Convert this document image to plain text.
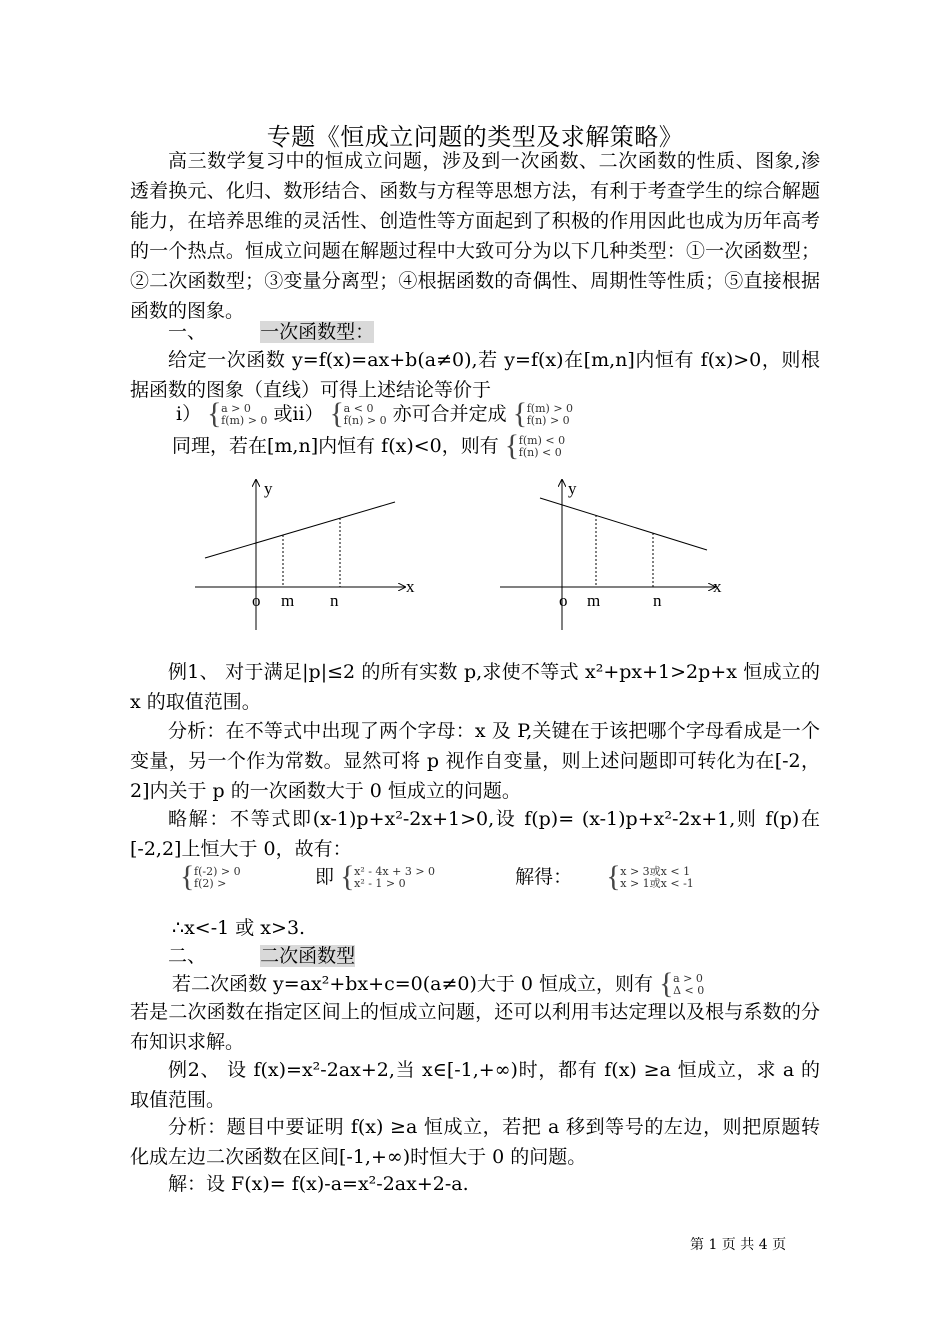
专题《恒成立问题的类型及求解策略》
高三数学复习中的恒成立问题，涉及到一次函数、二次函数的性质、图象,渗透着换元、化归、数形结合、函数与方程等思想方法，有利于考查学生的综合解题能力，在培养思维的灵活性、创造性等方面起到了积极的作用因此也成为历年高考的一个热点。恒成立问题在解题过程中大致可分为以下几种类型：①一次函数型；②二次函数型；③变量分离型；④根据函数的奇偶性、周期性等性质；⑤直接根据函数的图象。
一、	一次函数型：
给定一次函数 y=f(x)=ax+b(a≠0),若 y=f(x)在[m,n]内恒有 f(x)>0，则根据函数的图象（直线）可得上述结论等价于
ⅰ） { a > 0
f(m) > 0 或ⅱ） { a < 0
f(n) > 0 亦可合并定成 { f(m) > 0
f(n) > 0
同理，若在[m,n]内恒有 f(x)<0，则有 { f(m) < 0
f(n) < 0
y
x
o m n
y
x
o m	n
例1、 对于满足|p|≤2 的所有实数 p,求使不等式 x²+px+1>2p+x 恒成立的 x 的取值范围。
分析：在不等式中出现了两个字母：x 及 P,关键在于该把哪个字母看成是一个变量，另一个作为常数。显然可将 p 视作自变量，则上述问题即可转化为在[-2，2]内关于 p 的一次函数大于 0 恒成立的问题。
略解：不等式即(x-1)p+x²-2x+1>0,设 f(p)= (x-1)p+x²-2x+1,则 f(p)在[-2,2]上恒大于 0，故有：
{ f(-2) > 0
f(2) >	即 { x² - 4x + 3 > 0
x² - 1 > 0	解得：	{ x > 3或x < 1
x > 1或x < -1
∴x<-1 或 x>3.
二、	二次函数型
若二次函数 y=ax²+bx+c=0(a≠0)大于 0 恒成立，则有 { a > 0
Δ < 0
若是二次函数在指定区间上的恒成立问题，还可以利用韦达定理以及根与系数的分布知识求解。
例2、 设 f(x)=x²-2ax+2,当 x∈[-1,+∞)时，都有 f(x) ≥a 恒成立，求 a 的取值范围。
分析：题目中要证明 f(x) ≥a 恒成立，若把 a 移到等号的左边，则把原题转化成左边二次函数在区间[-1,+∞)时恒大于 0 的问题。
解：设 F(x)= f(x)-a=x²-2ax+2-a.
第 1 页 共 4 页
